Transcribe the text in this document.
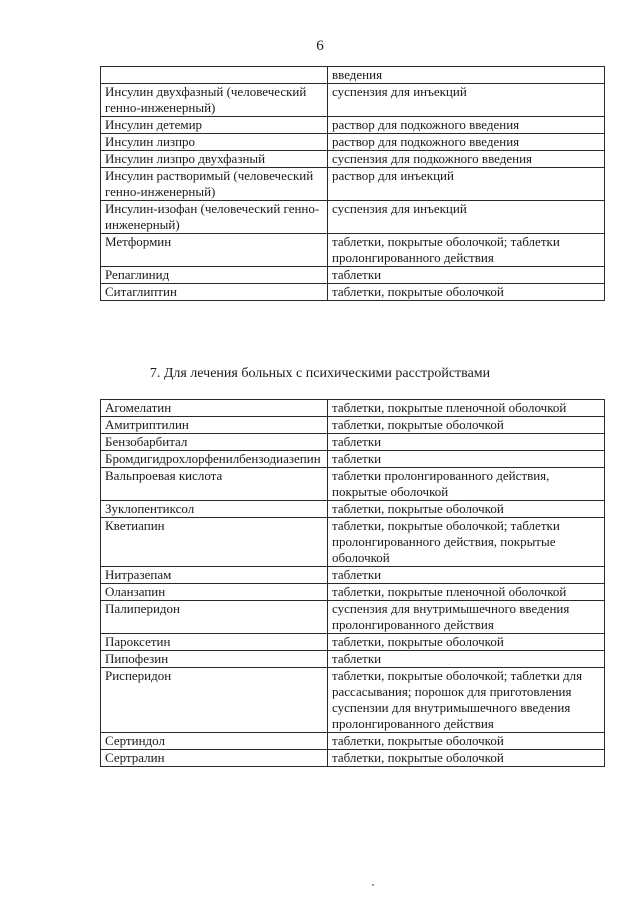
6
	введения
Инсулин двухфазный (человеческий генно-инженерный)	суспензия для инъекций
Инсулин детемир	раствор для подкожного введения
Инсулин лизпро	раствор для подкожного введения
Инсулин лизпро двухфазный	суспензия для подкожного введения
Инсулин растворимый (человеческий генно-инженерный)	раствор для инъекций
Инсулин-изофан (человеческий генно-инженерный)	суспензия для инъекций
Метформин	таблетки, покрытые оболочкой; таблетки пролонгированного действия
Репаглинид	таблетки
Ситаглиптин	таблетки, покрытые оболочкой
7. Для лечения больных с психическими расстройствами
Агомелатин	таблетки, покрытые пленочной оболочкой
Амитриптилин	таблетки, покрытые оболочкой
Бензобарбитал	таблетки
Бромдигидрохлорфенилбензодиазепин	таблетки
Вальпроевая кислота	таблетки пролонгированного действия, покрытые оболочкой
Зуклопентиксол	таблетки, покрытые оболочкой
Кветиапин	таблетки, покрытые оболочкой; таблетки пролонгированного действия, покрытые оболочкой
Нитразепам	таблетки
Оланзапин	таблетки, покрытые пленочной оболочкой
Палиперидон	суспензия для внутримышечного введения пролонгированного действия
Пароксетин	таблетки, покрытые оболочкой
Пипофезин	таблетки
Рисперидон	таблетки, покрытые оболочкой; таблетки для рассасывания; порошок для приготовления суспензии для внутримышечного введения пролонгированного действия
Сертиндол	таблетки, покрытые оболочкой
Сертралин	таблетки, покрытые оболочкой
